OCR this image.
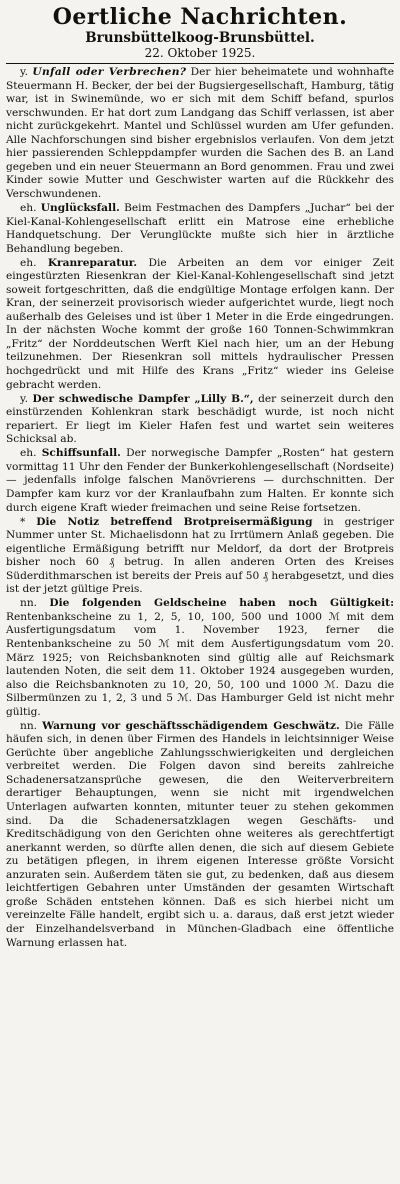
Oertliche Nachrichten.
Brunsbüttelkoog-Brunsbüttel.
22. Oktober 1925.

y. Unfall oder Verbrechen? Der hier beheimatete und wohnhafte Steuermann H. Becker, der bei der Bugsiergesellschaft, Hamburg, tätig war, ist in Swinemünde, wo er sich mit dem Schiff befand, spurlos verschwunden. Er hat dort zum Landgang das Schiff verlassen, ist aber nicht zurückgekehrt. Mantel und Schlüssel wurden am Ufer gefunden. Alle Nachforschungen sind bisher ergebnislos verlaufen. Von dem jetzt hier passierenden Schleppdampfer wurden die Sachen des B. an Land gegeben und ein neuer Steuermann an Bord genommen. Frau und zwei Kinder sowie Mutter und Geschwister warten auf die Rückkehr des Verschwundenen.

eh. Unglücksfall. Beim Festmachen des Dampfers „Juchar“ bei der Kiel-Kanal-Kohlengesellschaft erlitt ein Matrose eine erhebliche Handquetschung. Der Verunglückte mußte sich hier in ärztliche Behandlung begeben.

eh. Kranreparatur. Die Arbeiten an dem vor einiger Zeit eingestürzten Riesenkran der Kiel-Kanal-Kohlengesellschaft sind jetzt soweit fortgeschritten, daß die endgültige Montage erfolgen kann. Der Kran, der seinerzeit provisorisch wieder aufgerichtet wurde, liegt noch außerhalb des Geleises und ist über 1 Meter in die Erde eingedrungen. In der nächsten Woche kommt der große 160 Tonnen-Schwimmkran „Fritz“ der Norddeutschen Werft Kiel nach hier, um an der Hebung teilzunehmen. Der Riesenkran soll mittels hydraulischer Pressen hochgedrückt und mit Hilfe des Krans „Fritz“ wieder ins Geleise gebracht werden.

y. Der schwedische Dampfer „Lilly B.“, der seinerzeit durch den einstürzenden Kohlenkran stark beschädigt wurde, ist noch nicht repariert. Er liegt im Kieler Hafen fest und wartet sein weiteres Schicksal ab.

eh. Schiffsunfall. Der norwegische Dampfer „Rosten“ hat gestern vormittag 11 Uhr den Fender der Bunkerkohlengesellschaft (Nordseite) — jedenfalls infolge falschen Manövrierens — durchschnitten. Der Dampfer kam kurz vor der Kranlaufbahn zum Halten. Er konnte sich durch eigene Kraft wieder freimachen und seine Reise fortsetzen.

* Die Notiz betreffend Brotpreisermäßigung in gestriger Nummer unter St. Michaelisdonn hat zu Irrtümern Anlaß gegeben. Die eigentliche Ermäßigung betrifft nur Meldorf, da dort der Brotpreis bisher noch 60 ₰ betrug. In allen anderen Orten des Kreises Süderdithmarschen ist bereits der Preis auf 50 ₰ herabgesetzt, und dies ist der jetzt gültige Preis.

nn. Die folgenden Geldscheine haben noch Gültigkeit: Rentenbankscheine zu 1, 2, 5, 10, 100, 500 und 1000 ℳ mit dem Ausfertigungsdatum vom 1. November 1923, ferner die Rentenbankscheine zu 50 ℳ mit dem Ausfertigungsdatum vom 20. März 1925; von Reichsbanknoten sind gültig alle auf Reichsmark lautenden Noten, die seit dem 11. Oktober 1924 ausgegeben wurden, also die Reichsbanknoten zu 10, 20, 50, 100 und 1000 ℳ. Dazu die Silbermünzen zu 1, 2, 3 und 5 ℳ. Das Hamburger Geld ist nicht mehr gültig.

nn. Warnung vor geschäftsschädigendem Geschwätz. Die Fälle häufen sich, in denen über Firmen des Handels in leichtsinniger Weise Gerüchte über angebliche Zahlungsschwierigkeiten und dergleichen verbreitet werden. Die Folgen davon sind bereits zahlreiche Schadenersatzansprüche gewesen, die den Weiterverbreitern derartiger Behauptungen, wenn sie nicht mit irgendwelchen Unterlagen aufwarten konnten, mitunter teuer zu stehen gekommen sind. Da die Schadenersatzklagen wegen Geschäfts- und Kreditschädigung von den Gerichten ohne weiteres als gerechtfertigt anerkannt werden, so dürfte allen denen, die sich auf diesem Gebiete zu betätigen pflegen, in ihrem eigenen Interesse größte Vorsicht anzuraten sein. Außerdem täten sie gut, zu bedenken, daß aus diesem leichtfertigen Gebahren unter Umständen der gesamten Wirtschaft große Schäden entstehen können. Daß es sich hierbei nicht um vereinzelte Fälle handelt, ergibt sich u. a. daraus, daß erst jetzt wieder der Einzelhandelsverband in München-Gladbach eine öffentliche Warnung erlassen hat.
